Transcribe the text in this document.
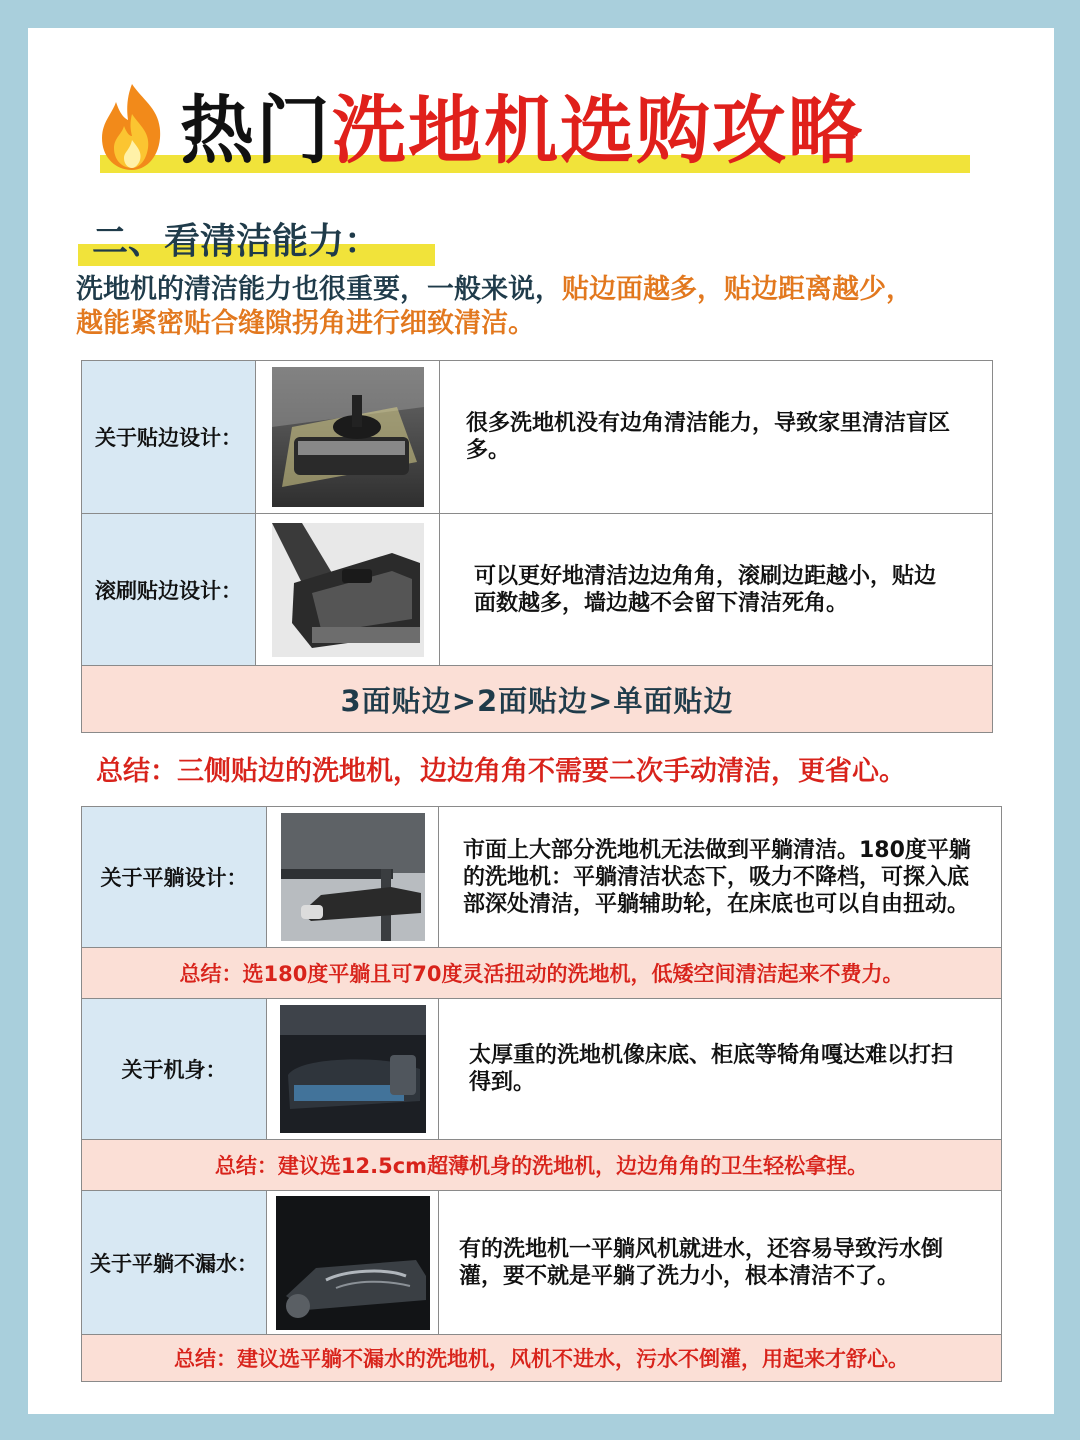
热门洗地机选购攻略
二、看清洁能力：
洗地机的清洁能力也很重要，一般来说，贴边面越多，贴边距离越少，
越能紧密贴合缝隙拐角进行细致清洁。
关于贴边设计：
很多洗地机没有边角清洁能力，导致家里清洁盲区多。
滚刷贴边设计：
可以更好地清洁边边角角，滚刷边距越小，贴边面数越多，墙边越不会留下清洁死角。
3面贴边>2面贴边>单面贴边
总结：三侧贴边的洗地机，边边角角不需要二次手动清洁，更省心。
关于平躺设计：
市面上大部分洗地机无法做到平躺清洁。180度平躺的洗地机：平躺清洁状态下，吸力不降档，可探入底部深处清洁，平躺辅助轮，在床底也可以自由扭动。
总结：选180度平躺且可70度灵活扭动的洗地机，低矮空间清洁起来不费力。
关于机身：
太厚重的洗地机像床底、柜底等犄角嘎达难以打扫得到。
总结：建议选12.5cm超薄机身的洗地机，边边角角的卫生轻松拿捏。
关于平躺不漏水：
有的洗地机一平躺风机就进水，还容易导致污水倒灌，要不就是平躺了洗力小，根本清洁不了。
总结：建议选平躺不漏水的洗地机，风机不进水，污水不倒灌，用起来才舒心。
